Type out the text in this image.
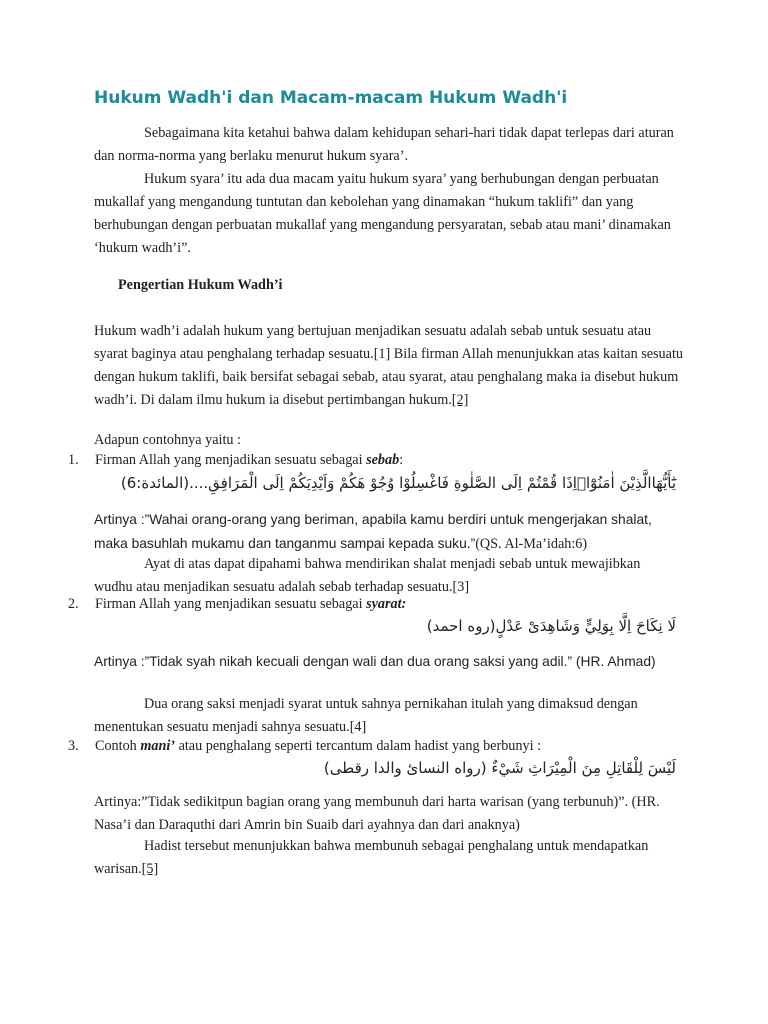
Hukum Wadh'i dan Macam-macam Hukum Wadh'i

Sebagaimana kita ketahui bahwa dalam kehidupan sehari-hari tidak dapat terlepas dari aturan dan norma-norma yang berlaku menurut hukum syara’.

Hukum syara’ itu ada dua macam yaitu hukum syara’ yang berhubungan dengan perbuatan mukallaf yang mengandung tuntutan dan kebolehan yang dinamakan “hukum taklifi” dan yang berhubungan dengan perbuatan mukallaf yang mengandung persyaratan, sebab atau mani’ dinamakan ‘hukum wadh’i”.

Pengertian Hukum Wadh’i

Hukum wadh’i adalah hukum yang bertujuan menjadikan sesuatu adalah sebab untuk sesuatu atau syarat baginya atau penghalang terhadap sesuatu.[1] Bila firman Allah menunjukkan atas kaitan sesuatu dengan hukum taklifi, baik bersifat sebagai sebab, atau syarat, atau penghalang maka ia disebut hukum wadh’i. Di dalam ilmu hukum ia disebut pertimbangan hukum.[2]

Adapun contohnya yaitu :

1. Firman Allah yang menjadikan sesuatu sebagai sebab:
يَٰٓأَيُّهَاالَّذِيْنَ اٰمَنُوْٓاۤاِذَا قُمْتُمْ اِلَى الصَّلٰوةِ فَاغْسِلُوْا وُجُوْ هَكُمْ وَاَيْدِيَكُمْ اِلَى الْمَرَافِقِ....(المائدة:6)

Artinya :”Wahai orang-orang yang beriman, apabila kamu berdiri untuk mengerjakan shalat, maka basuhlah mukamu dan tanganmu sampai kepada suku.”(QS. Al-Ma’idah:6)

Ayat di atas dapat dipahami bahwa mendirikan shalat menjadi sebab untuk mewajibkan wudhu atau menjadikan sesuatu adalah sebab terhadap sesuatu.[3]

2. Firman Allah yang menjadikan sesuatu sebagai syarat:
لَا نِكَاحَ اِلَّا بِوَلِيٍّ وَشَاهِدَىْ عَدْلٍ(روه احمد)

Artinya :”Tidak syah nikah kecuali dengan wali dan dua orang saksi yang adil.” (HR. Ahmad)

Dua orang saksi menjadi syarat untuk sahnya pernikahan itulah yang dimaksud dengan menentukan sesuatu menjadi sahnya sesuatu.[4]

3. Contoh mani’ atau penghalang seperti tercantum dalam hadist yang berbunyi :
لَيْسَ لِلْقَاتِلِ مِنَ الْمِيْرَاثِ شَيْءٌ (رواه النساىٔ والدا رقطى)

Artinya:”Tidak sedikitpun bagian orang yang membunuh dari harta warisan (yang terbunuh)”. (HR. Nasa’i dan Daraquthi dari Amrin bin Suaib dari ayahnya dan dari anaknya)

Hadist tersebut menunjukkan bahwa membunuh sebagai penghalang untuk mendapatkan warisan.[5]
